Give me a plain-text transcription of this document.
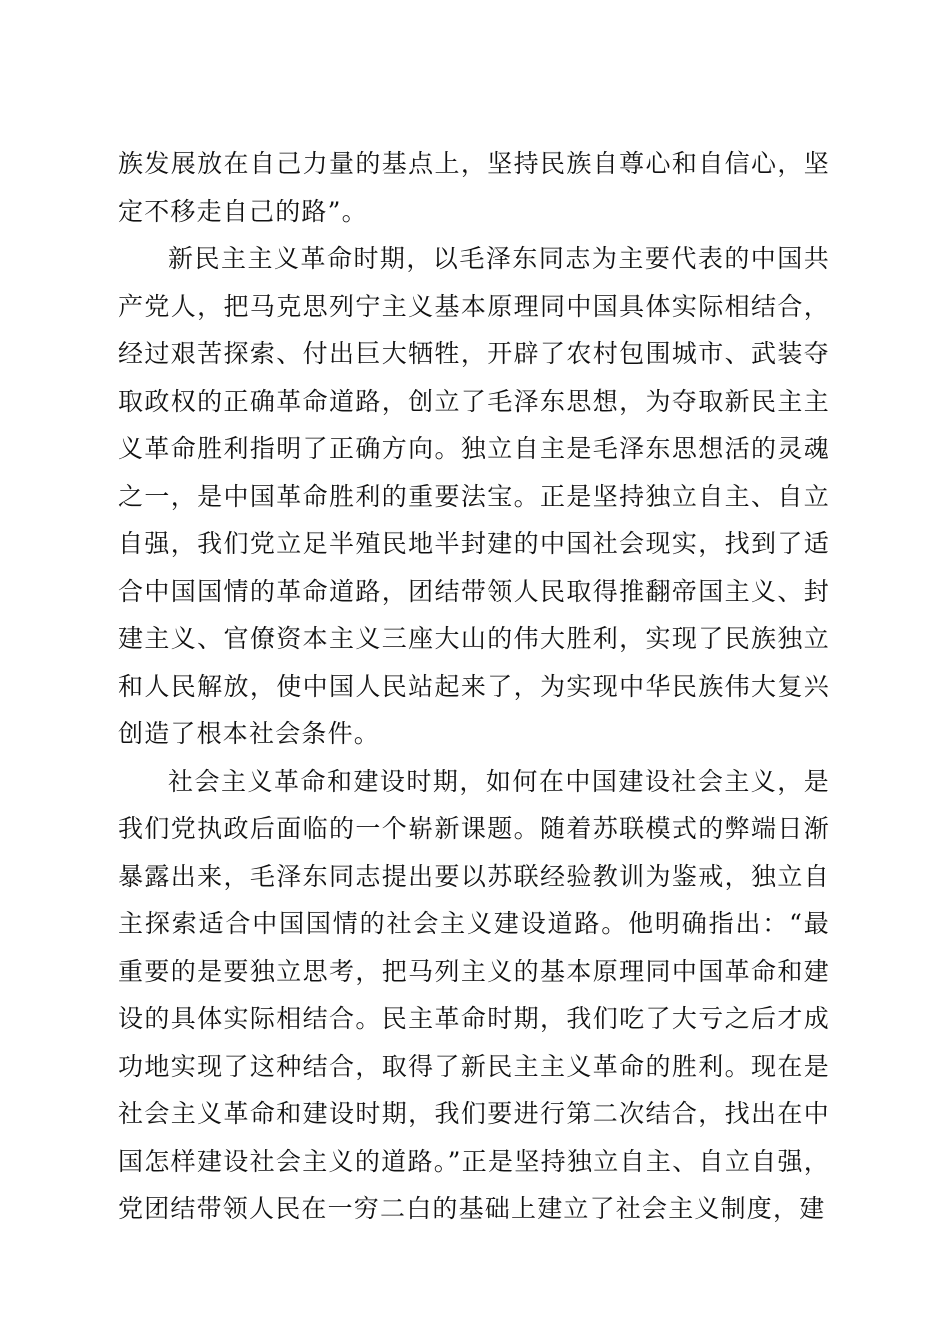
族发展放在自己力量的基点上，坚持民族自尊心和自信心，坚定不移走自己的路”。

新民主主义革命时期，以毛泽东同志为主要代表的中国共产党人，把马克思列宁主义基本原理同中国具体实际相结合，经过艰苦探索、付出巨大牺牲，开辟了农村包围城市、武装夺取政权的正确革命道路，创立了毛泽东思想，为夺取新民主主义革命胜利指明了正确方向。独立自主是毛泽东思想活的灵魂之一，是中国革命胜利的重要法宝。正是坚持独立自主、自立自强，我们党立足半殖民地半封建的中国社会现实，找到了适合中国国情的革命道路，团结带领人民取得推翻帝国主义、封建主义、官僚资本主义三座大山的伟大胜利，实现了民族独立和人民解放，使中国人民站起来了，为实现中华民族伟大复兴创造了根本社会条件。

社会主义革命和建设时期，如何在中国建设社会主义，是我们党执政后面临的一个崭新课题。随着苏联模式的弊端日渐暴露出来，毛泽东同志提出要以苏联经验教训为鉴戒，独立自主探索适合中国国情的社会主义建设道路。他明确指出：“最重要的是要独立思考，把马列主义的基本原理同中国革命和建设的具体实际相结合。民主革命时期，我们吃了大亏之后才成功地实现了这种结合，取得了新民主主义革命的胜利。现在是社会主义革命和建设时期，我们要进行第二次结合，找出在中国怎样建设社会主义的道路。”正是坚持独立自主、自立自强，党团结带领人民在一穷二白的基础上建立了社会主义制度，建
